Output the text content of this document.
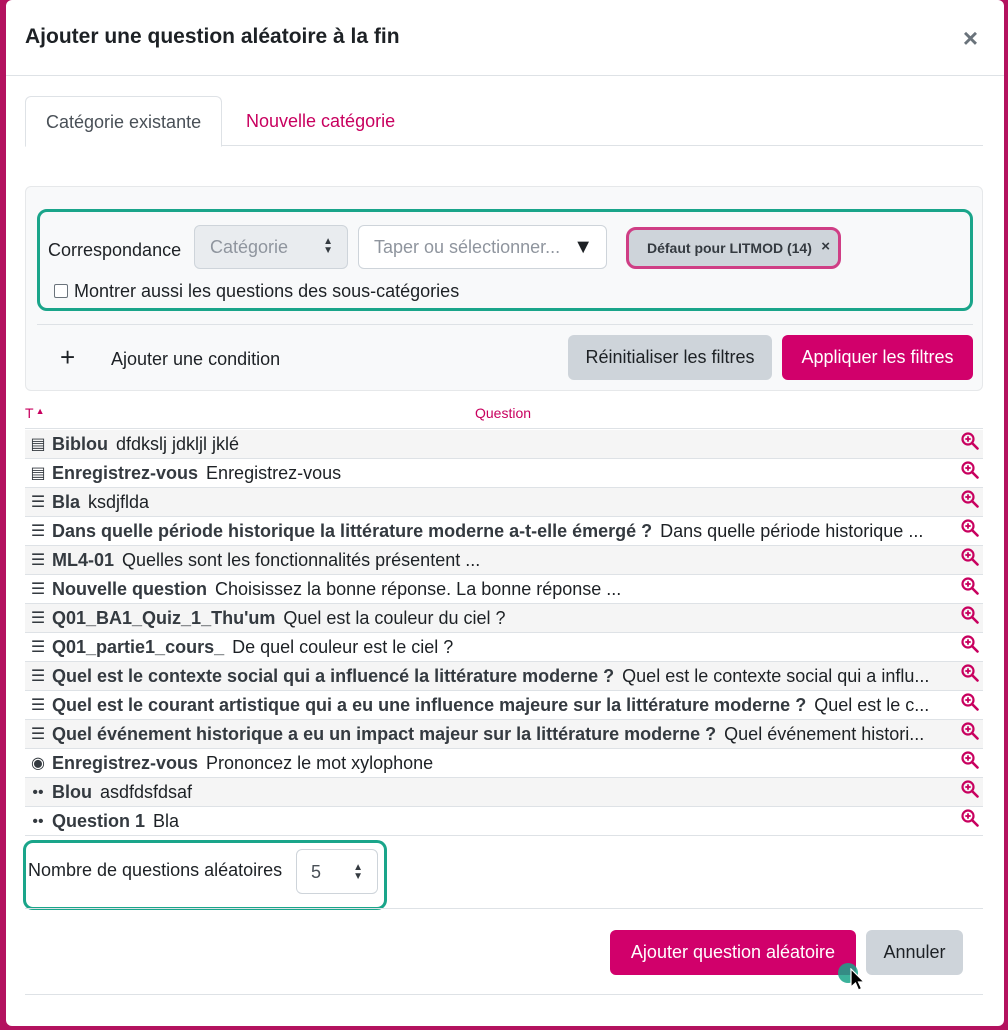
Ajouter une question aléatoire à la fin	×
Catégorie existante	Nouvelle catégorie
Correspondance	Catégorie	▲
▼	Taper ou sélectionner... ▼	Défaut pour LITMOD (14) ×
Montrer aussi les questions des sous-catégories
+ Ajouter une condition	Réinitialiser les filtres	Appliquer les filtres
T ▲	Question
▤ Biblou dfdkslj jdkljl jklé
▤ Enregistrez-vous Enregistrez-vous
☰ Bla ksdjflda
☰ Dans quelle période historique la littérature moderne a-t-elle émergé ? Dans quelle période historique ...
☰ ML4-01 Quelles sont les fonctionnalités présentent ...
☰ Nouvelle question Choisissez la bonne réponse. La bonne réponse ...
☰ Q01_BA1_Quiz_1_Thu'um Quel est la couleur du ciel ?
☰ Q01_partie1_cours_ De quel couleur est le ciel ?
☰ Quel est le contexte social qui a influencé la littérature moderne ? Quel est le contexte social qui a influ...
☰ Quel est le courant artistique qui a eu une influence majeure sur la littérature moderne ? Quel est le c...
☰ Quel événement historique a eu un impact majeur sur la littérature moderne ? Quel événement histori...
◉ Enregistrez-vous Prononcez le mot xylophone
•• Blou asdfdsfdsaf
•• Question 1 Bla
Nombre de questions aléatoires	5	▲
▼
Ajouter question aléatoire	Annuler
